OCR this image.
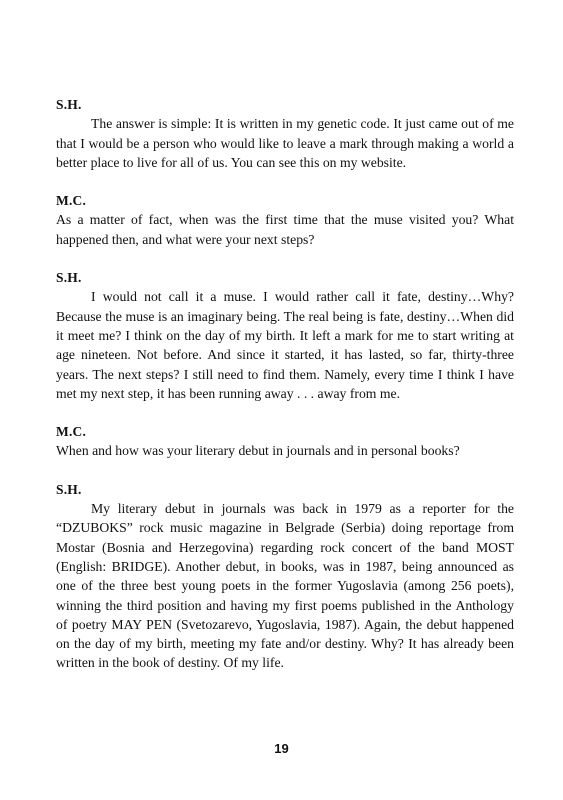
S.H.

The answer is simple: It is written in my genetic code. It just came out of me that I would be a person who would like to leave a mark through making a world a better place to live for all of us. You can see this on my website.

M.C.

As a matter of fact, when was the first time that the muse visited you? What happened then, and what were your next steps?

S.H.

I would not call it a muse. I would rather call it fate, destiny…Why? Because the muse is an imaginary being. The real being is fate, destiny…When did it meet me? I think on the day of my birth. It left a mark for me to start writing at age nineteen. Not before. And since it started, it has lasted, so far, thirty-three years. The next steps? I still need to find them. Namely, every time I think I have met my next step, it has been running away . . . away from me.

M.C.

When and how was your literary debut in journals and in personal books?

S.H.

My literary debut in journals was back in 1979 as a reporter for the “DZUBOKS” rock music magazine in Belgrade (Serbia) doing reportage from Mostar (Bosnia and Herzegovina) regarding rock concert of the band MOST (English: BRIDGE). Another debut, in books, was in 1987, being announced as one of the three best young poets in the former Yugoslavia (among 256 poets), winning the third position and having my first poems published in the Anthology of poetry MAY PEN (Svetozarevo, Yugoslavia, 1987). Again, the debut happened on the day of my birth, meeting my fate and/or destiny. Why? It has already been written in the book of destiny. Of my life.

19
